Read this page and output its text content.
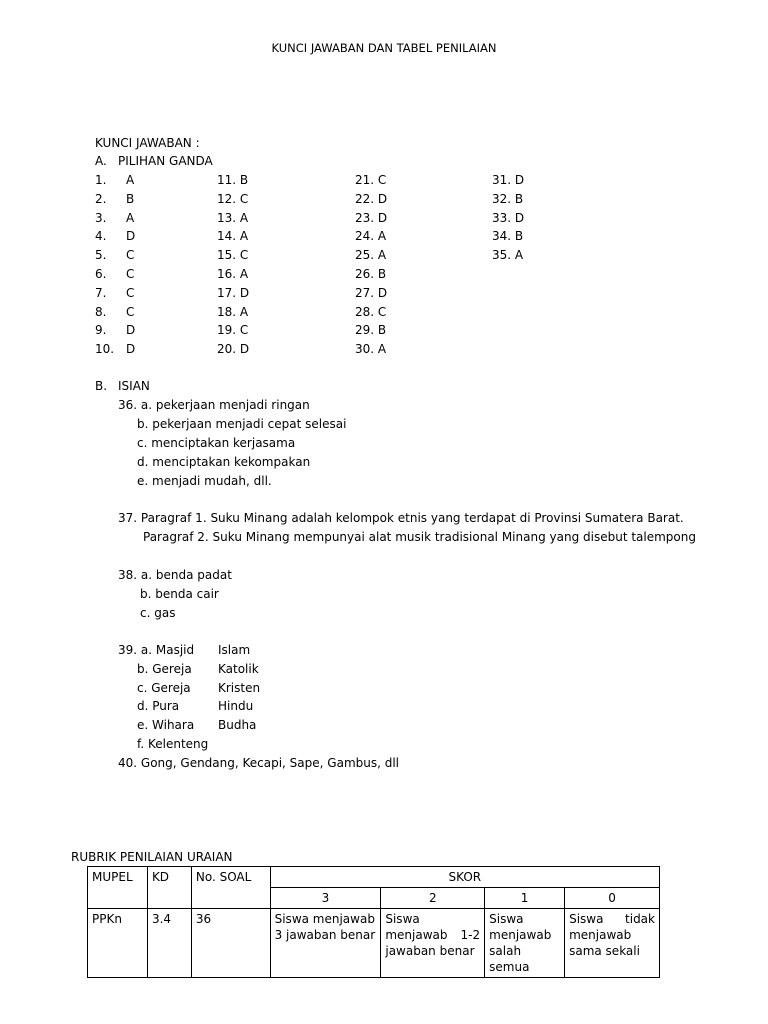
KUNCI JAWABAN DAN TABEL PENILAIAN
KUNCI JAWABAN :
A. PILIHAN GANDA
1. A	11. B	21. C	31. D
2. B	12. C	22. D	32. B
3. A	13. A	23. D	33. D
4. D	14. A	24. A	34. B
5. C	15. C	25. A	35. A
6. C	16. A	26. B
7. C	17. D	27. D
8. C	18. A	28. C
9. D	19. C	29. B
10. D	20. D	30. A
B. ISIAN
36. a. pekerjaan menjadi ringan
b. pekerjaan menjadi cepat selesai
c. menciptakan kerjasama
d. menciptakan kekompakan
e. menjadi mudah, dll.
37. Paragraf 1. Suku Minang adalah kelompok etnis yang terdapat di Provinsi Sumatera Barat.
Paragraf 2. Suku Minang mempunyai alat musik tradisional Minang yang disebut talempong
38. a. benda padat
b. benda cair
c. gas
39. a. Masjid Islam
b. Gereja Katolik
c. Gereja Kristen
d. Pura	Hindu
e. Wihara Budha
f. Kelenteng
40. Gong, Gendang, Kecapi, Sape, Gambus, dll
RUBRIK PENILAIAN URAIAN
MUPEL	KD	No. SOAL	SKOR			
			3	2	1	0
PPKn	3.4	36	Siswa menjawab 3 jawaban benar	Siswa menjawab 1-2 jawaban benar	Siswa menjawab salah semua	Siswa tidak menjawab sama sekali
